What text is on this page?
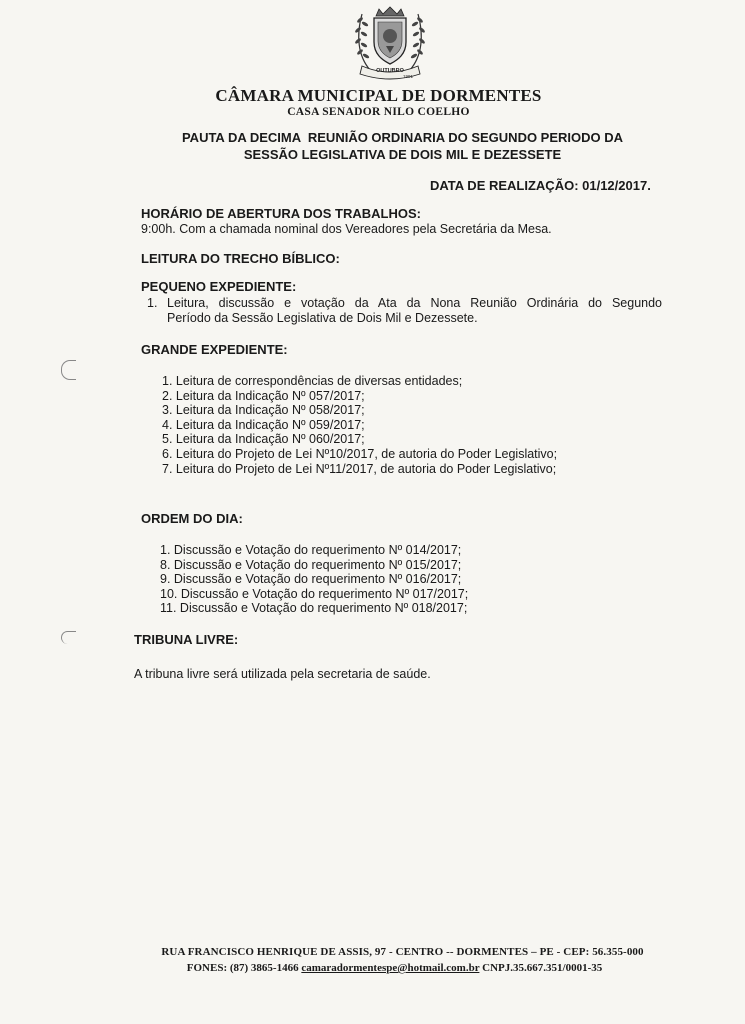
OUTUBRO
1991
CÂMARA MUNICIPAL DE DORMENTES
CASA SENADOR NILO COELHO
PAUTA DA DECIMA  REUNIÃO ORDINARIA DO SEGUNDO PERIODO DA
SESSÃO LEGISLATIVA DE DOIS MIL E DEZESSETE
DATA DE REALIZAÇÃO: 01/12/2017.
HORÁRIO DE ABERTURA DOS TRABALHOS:
9:00h. Com a chamada nominal dos Vereadores pela Secretária da Mesa.
LEITURA DO TRECHO BÍBLICO:
PEQUENO EXPEDIENTE:
1. Leitura, discussão e votação da Ata da Nona Reunião Ordinária do Segundo
Período da Sessão Legislativa de Dois Mil e Dezessete.
GRANDE EXPEDIENTE:
1. Leitura de correspondências de diversas entidades;
2. Leitura da Indicação Nº 057/2017;
3. Leitura da Indicação Nº 058/2017;
4. Leitura da Indicação Nº 059/2017;
5. Leitura da Indicação Nº 060/2017;
6. Leitura do Projeto de Lei Nº10/2017, de autoria do Poder Legislativo;
7. Leitura do Projeto de Lei Nº11/2017, de autoria do Poder Legislativo;
ORDEM DO DIA:
1. Discussão e Votação do requerimento Nº 014/2017;
8. Discussão e Votação do requerimento Nº 015/2017;
9. Discussão e Votação do requerimento Nº 016/2017;
10. Discussão e Votação do requerimento Nº 017/2017;
11. Discussão e Votação do requerimento Nº 018/2017;
TRIBUNA LIVRE:
A tribuna livre será utilizada pela secretaria de saúde.
RUA FRANCISCO HENRIQUE DE ASSIS, 97 - CENTRO -- DORMENTES – PE - CEP: 56.355-000
FONES: (87) 3865-1466 camaradormentespe@hotmail.com.br CNPJ.35.667.351/0001-35
